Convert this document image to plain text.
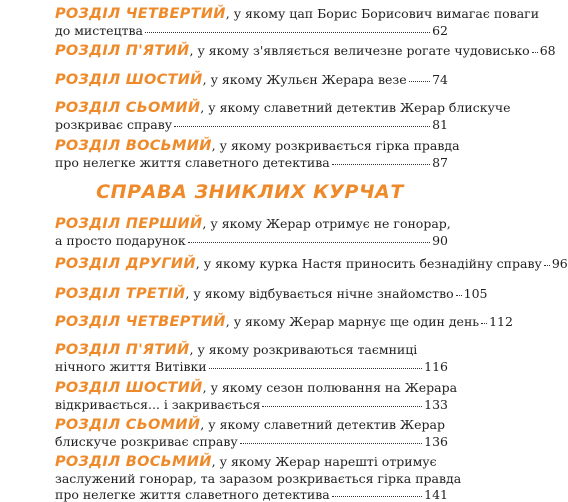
РОЗДІЛ ЧЕТВЕРТИЙ , у якому цап Борис Борисович вимагає поваги
до мистецтва	62
РОЗДІЛ П'ЯТИЙ , у якому з'являється величезне рогате чудовисько 68
РОЗДІЛ ШОСТИЙ , у якому Жульєн Жерара везе 74
РОЗДІЛ СЬОМИЙ , у якому славетний детектив Жерар блискуче
розкриває справу	81
РОЗДІЛ ВОСЬМИЙ , у якому розкривається гірка правда
про нелегке життя славетного детектива	87
СПРАВА ЗНИКЛИХ КУРЧАТ
РОЗДІЛ ПЕРШИЙ , у якому Жерар отримує не гонорар,
а просто подарунок	90
РОЗДІЛ ДРУГИЙ , у якому курка Настя приносить безнадійну справу 96
РОЗДІЛ ТРЕТІЙ , у якому відбувається нічне знайомство 105
РОЗДІЛ ЧЕТВЕРТИЙ , у якому Жерар марнує ще один день 112
РОЗДІЛ П'ЯТИЙ , у якому розкриваються таємниці
нічного життя Витівки	116
РОЗДІЛ ШОСТИЙ , у якому сезон полювання на Жерара
відкривається... і закривається	133
РОЗДІЛ СЬОМИЙ , у якому славетний детектив Жерар
блискуче розкриває справу	136
РОЗДІЛ ВОСЬМИЙ , у якому Жерар нарешті отримує
заслужений гонорар, та заразом розкривається гірка правда
про нелегке життя славетного детектива	141
